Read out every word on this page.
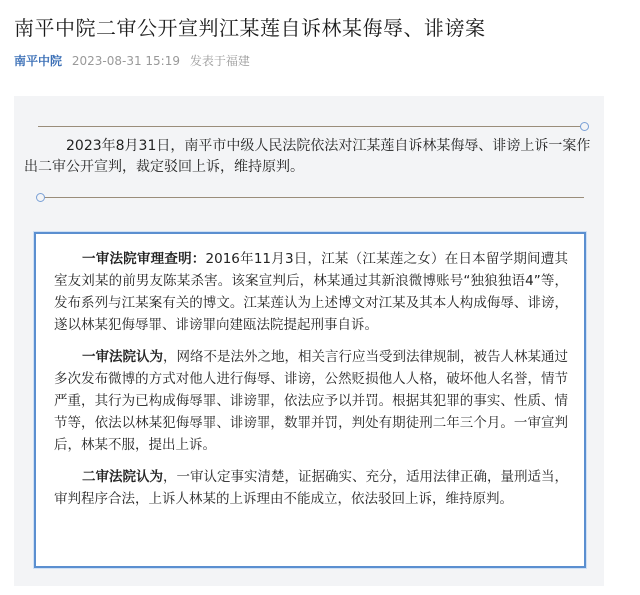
南平中院二审公开宣判江某莲自诉林某侮辱、诽谤案
南平中院 2023-08-31 15:19 发表于福建
2023年8月31日，南平市中级人民法院依法对江某莲自诉林某侮辱、诽谤上诉一案作出二审公开宣判，裁定驳回上诉，维持原判。

一审法院审理查明：2016年11月3日，江某（江某莲之女）在日本留学期间遭其室友刘某的前男友陈某杀害。该案宣判后，林某通过其新浪微博账号“独狼独语4”等，发布系列与江某案有关的博文。江某莲认为上述博文对江某及其本人构成侮辱、诽谤，遂以林某犯侮辱罪、诽谤罪向建瓯法院提起刑事自诉。

一审法院认为，网络不是法外之地，相关言行应当受到法律规制，被告人林某通过多次发布微博的方式对他人进行侮辱、诽谤，公然贬损他人人格，破坏他人名誉，情节严重，其行为已构成侮辱罪、诽谤罪，依法应予以并罚。根据其犯罪的事实、性质、情节等，依法以林某犯侮辱罪、诽谤罪，数罪并罚，判处有期徒刑二年三个月。一审宣判后，林某不服，提出上诉。

二审法院认为，一审认定事实清楚，证据确实、充分，适用法律正确，量刑适当，审判程序合法，上诉人林某的上诉理由不能成立，依法驳回上诉，维持原判。
